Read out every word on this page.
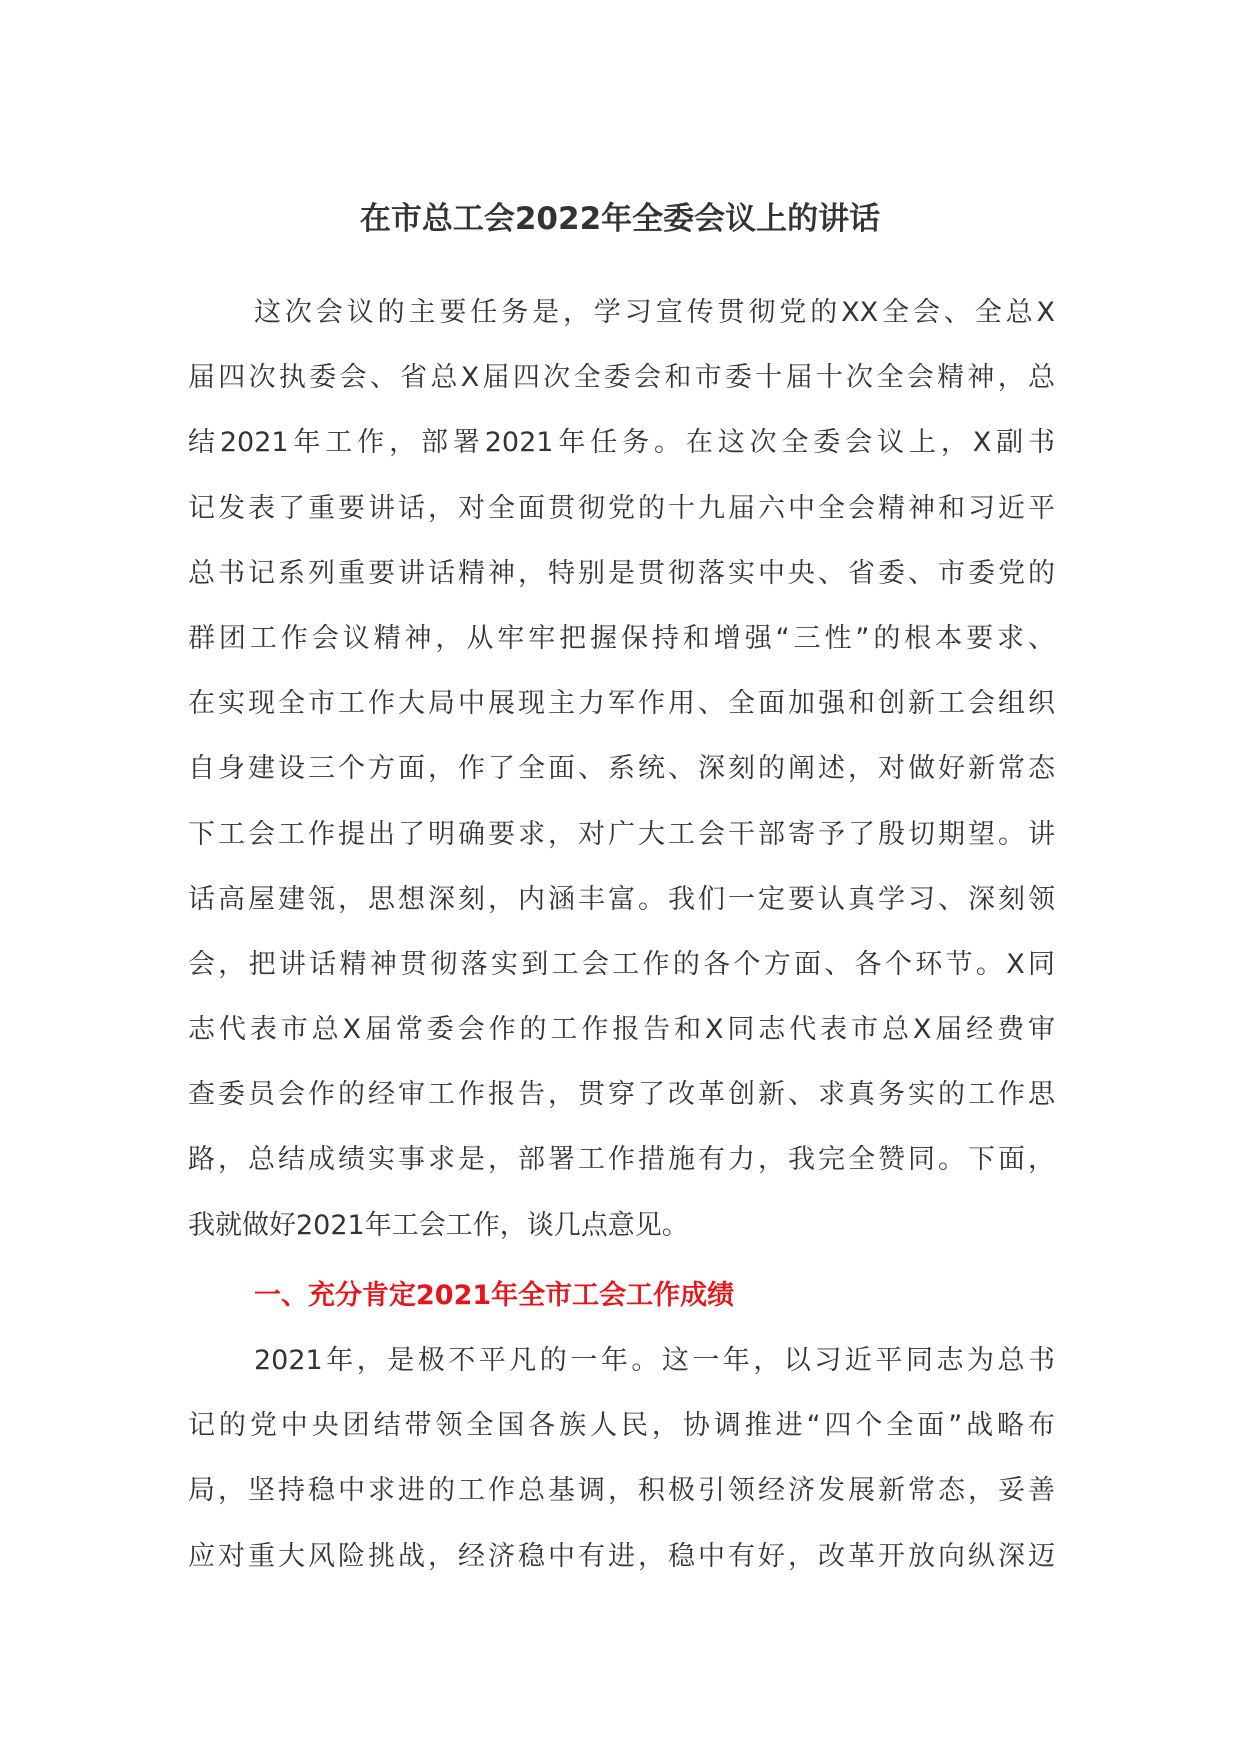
在市总工会2022年全委会议上的讲话
这次会议的主要任务是，学习宣传贯彻党的XX全会、全总X
届四次执委会、省总X届四次全委会和市委十届十次全会精神，总
结2021年工作，部署2021年任务。在这次全委会议上，X副书
记发表了重要讲话，对全面贯彻党的十九届六中全会精神和习近平
总书记系列重要讲话精神，特别是贯彻落实中央、省委、市委党的
群团工作会议精神，从牢牢把握保持和增强“三性”的根本要求、
在实现全市工作大局中展现主力军作用、全面加强和创新工会组织
自身建设三个方面，作了全面、系统、深刻的阐述，对做好新常态
下工会工作提出了明确要求，对广大工会干部寄予了殷切期望。讲
话高屋建瓴，思想深刻，内涵丰富。我们一定要认真学习、深刻领
会，把讲话精神贯彻落实到工会工作的各个方面、各个环节。X同
志代表市总X届常委会作的工作报告和X同志代表市总X届经费审
查委员会作的经审工作报告，贯穿了改革创新、求真务实的工作思
路，总结成绩实事求是，部署工作措施有力，我完全赞同。下面，
我就做好2021年工会工作，谈几点意见。
一、充分肯定2021年全市工会工作成绩
2021年，是极不平凡的一年。这一年，以习近平同志为总书
记的党中央团结带领全国各族人民，协调推进“四个全面”战略布
局，坚持稳中求进的工作总基调，积极引领经济发展新常态，妥善
应对重大风险挑战，经济稳中有进，稳中有好，改革开放向纵深迈
